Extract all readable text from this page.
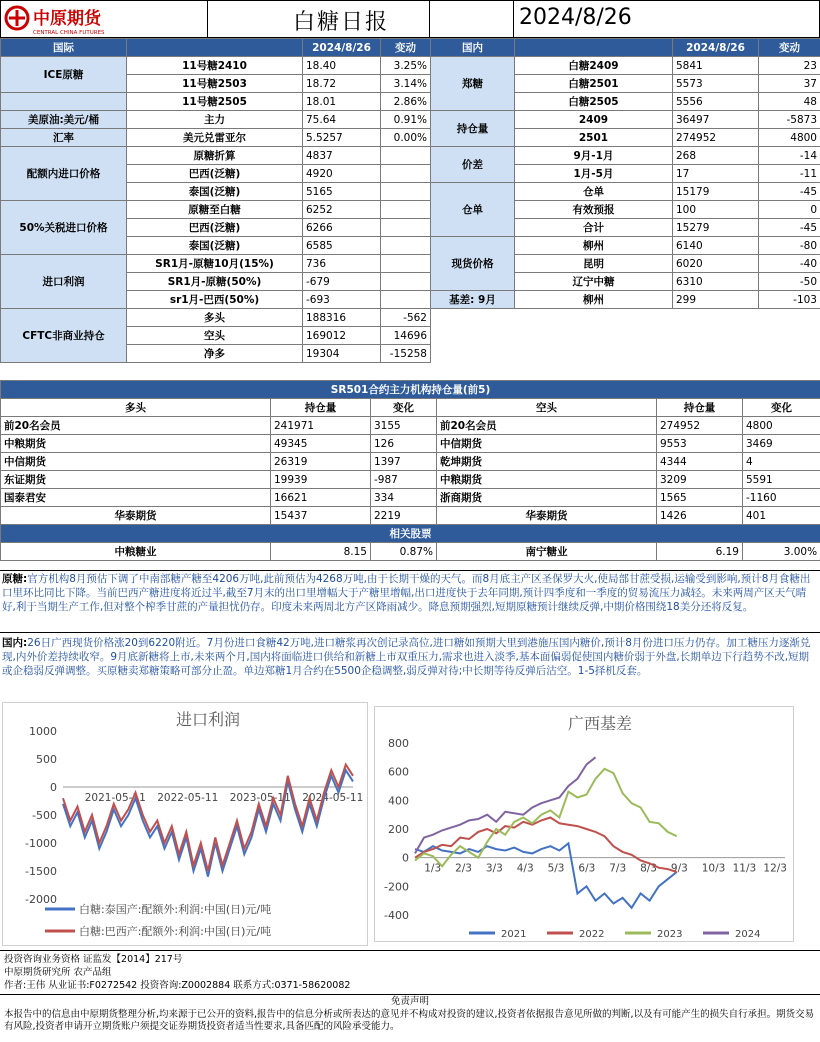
中原期货
CENTRAL CHINA FUTURES	白糖日报	2024/8/26
国际		2024/8/26	变动
ICE原糖	11号糖2410	18.40	3.25%
	11号糖2503	18.72	3.14%
	11号糖2505	18.01	2.86%
美原油:美元/桶	主力	75.64	0.91%
汇率	美元兑雷亚尔	5.5257	0.00%
配额内进口价格	原糖折算	4837	
	巴西(泛糖)	4920	
	泰国(泛糖)	5165	
50%关税进口价格	原糖至白糖	6252	
	巴西(泛糖)	6266	
	泰国(泛糖)	6585	
进口利润	SR1月-原糖10月(15%)	736	
	SR1月-原糖(50%)	-679	
	sr1月-巴西(50%)	-693	
CFTC非商业持仓	多头	188316	-562
	空头	169012	14696
	净多	19304	-15258
国内		2024/8/26	变动
郑糖	白糖2409	5841	23
	白糖2501	5573	37
	白糖2505	5556	48
持仓量	2409	36497	-5873
	2501	274952	4800
价差	9月-1月	268	-14
	1月-5月	17	-11
仓单	仓单	15179	-45
	有效预报	100	0
	合计	15279	-45
现货价格	柳州	6140	-80
	昆明	6020	-40
	辽宁中糖	6310	-50
基差: 9月	柳州	299	-103
SR501合约主力机构持仓量(前5)					
多头	持仓量	变化	空头	持仓量	变化
前20名会员	241971	3155	前20名会员	274952	4800
中粮期货	49345	126	中信期货	9553	3469
中信期货	26319	1397	乾坤期货	4344	4
东证期货	19939	-987	中粮期货	3209	5591
国泰君安	16621	334	浙商期货	1565	-1160
华泰期货	15437	2219	华泰期货	1426	401
相关股票					
中粮糖业	8.15	0.87%	南宁糖业	6.19	3.00%
原糖:官方机构8月预估下调了中南部糖产糖至4206万吨,此前预估为4268万吨,由于长期干燥的天气。而8月底主产区圣保罗大火,使局部甘蔗受损,运输受到影响,预计8月食糖出口里环比同比下降。当前巴西产糖进度将近过半,截至7月末的出口里增幅大于产糖里增幅,出口进度快于去年同期,预计四季度和一季度的贸易流压力减轻。未来两周产区天气晴好,利于当期生产工作,但对整个榨季甘蔗的产量担忧仍存。印度未来两周北方产区降雨减少。降息预期强烈,短期原糖预计继续反弹,中期价格围绕18美分还将反复。
国内:26日广西现货价格涨20到6220附近。7月份进口食糖42万吨,进口糖浆再次创记录高位,进口糖如预期大里到港施压国内糖价,预计8月份进口压力仍存。加工糖压力逐渐兑现,内外价差持续收窄。9月底新糖将上市,未来两个月,国内将面临进口供给和新糖上市双重压力,需求也进入淡季,基本面偏弱促使国内糖价弱于外盘,长期单边下行趋势不改,短期或企稳弱反弹调整。买原糖卖郑糖策略可部分止盈。单边郑糖1月合约在5500企稳调整,弱反弹对待;中长期等待反弹后沽空。1-5择机反套。
进口利润
1000
500
0
-500
-1000
-1500
-2000
2021-05-11 2022-05-11 2023-05-11 2024-05-11
白糖:泰国产:配额外:利润:中国(日)元/吨
白糖:巴西产:配额外:利润:中国(日)元/吨
广西基差
800
600
400
200
0
-200
-400
1/3 2/3 3/3 4/3 5/3 6/3 7/3 8/3 9/3 10/3 11/3 12/3
2021	2022	2023	2024
投资咨询业务资格 证监发【2014】217号
中原期货研究所 农产品组
作者:王伟 从业证书:F0272542 投资咨询:Z0002884 联系方式:0371-58620082
免责声明
本报告中的信息由中原期货整理分析,均来源于已公开的资料,报告中的信息分析或所表达的意见并不构成对投资的建议,投资者依据报告意见所做的判断,以及有可能产生的损失自行承担。期货交易有风险,投资者申请开立期货账户须提交证券期货投资者适当性要求,具备匹配的风险承受能力。
